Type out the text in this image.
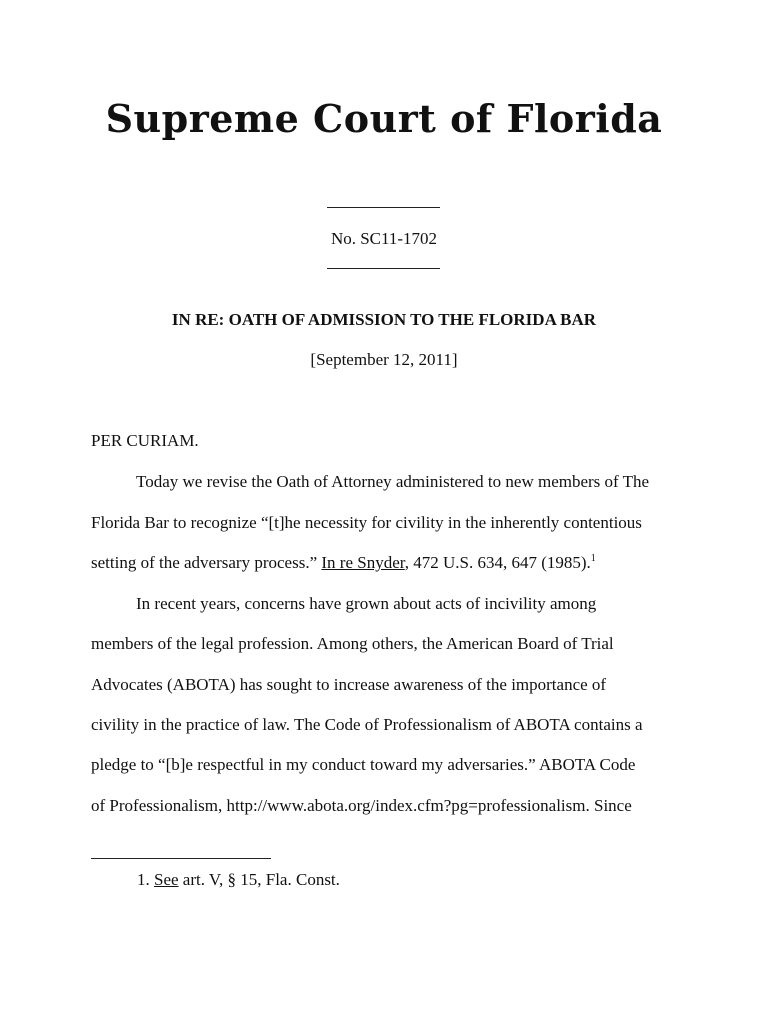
Supreme Court of Florida
No. SC11-1702
IN RE: OATH OF ADMISSION TO THE FLORIDA BAR
[September 12, 2011]
PER CURIAM.
Today we revise the Oath of Attorney administered to new members of The
Florida Bar to recognize “[t]he necessity for civility in the inherently contentious
setting of the adversary process.” In re Snyder, 472 U.S. 634, 647 (1985).$^1$
In recent years, concerns have grown about acts of incivility among
members of the legal profession. Among others, the American Board of Trial
Advocates (ABOTA) has sought to increase awareness of the importance of
civility in the practice of law. The Code of Professionalism of ABOTA contains a
pledge to “[b]e respectful in my conduct toward my adversaries.” ABOTA Code
of Professionalism, http://www.abota.org/index.cfm?pg=professionalism. Since
1. See art. V, § 15, Fla. Const.
